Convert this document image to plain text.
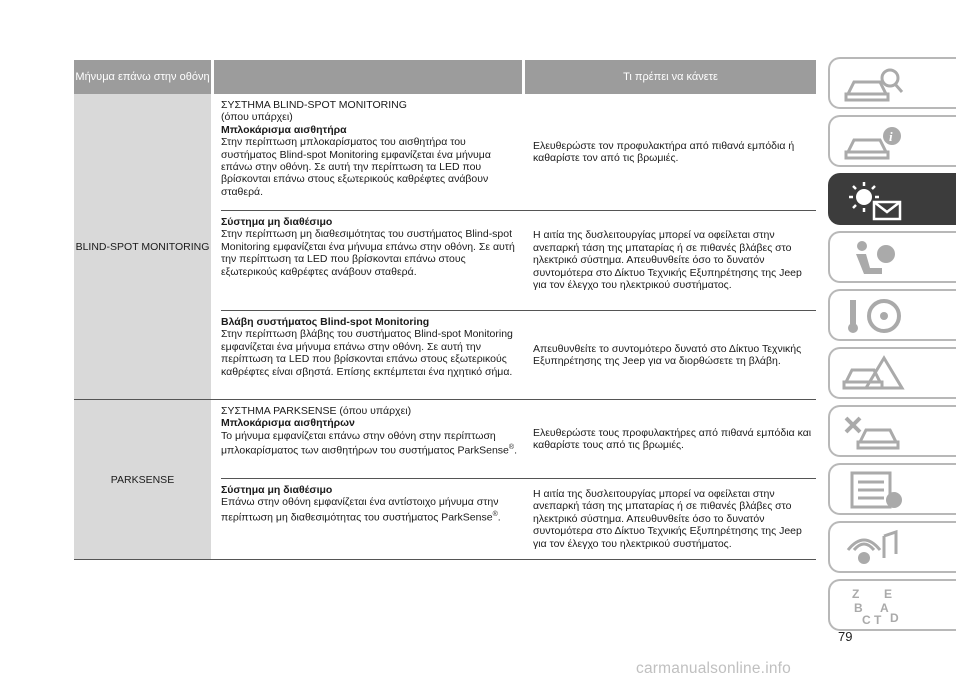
Μήνυμα επάνω στην οθόνη	Τι πρέπει να κάνετε
BLIND-SPOT MONITORING
ΣΥΣΤΗΜΑ BLIND-SPOT MONITORING
(όπου υπάρχει)
Μπλοκάρισμα αισθητήρα
Στην περίπτωση μπλοκαρίσματος του αισθητήρα του συστήματος Blind-spot Monitoring εμφανίζεται ένα μήνυμα επάνω στην οθόνη. Σε αυτή την περίπτωση τα LED που βρίσκονται επάνω στους εξωτερικούς καθρέφτες ανάβουν σταθερά.
Ελευθερώστε τον προφυλακτήρα από πιθανά εμπόδια ή καθαρίστε τον από τις βρωμιές.
Σύστημα μη διαθέσιμο
Στην περίπτωση μη διαθεσιμότητας του συστήματος Blind-spot Monitoring εμφανίζεται ένα μήνυμα επάνω στην οθόνη. Σε αυτή την περίπτωση τα LED που βρίσκονται επάνω στους εξωτερικούς καθρέφτες ανάβουν σταθερά.
Η αιτία της δυσλειτουργίας μπορεί να οφείλεται στην ανεπαρκή τάση της μπαταρίας ή σε πιθανές βλάβες στο ηλεκτρικό σύστημα. Απευθυνθείτε όσο το δυνατόν συντομότερα στο Δίκτυο Τεχνικής Εξυπηρέτησης της Jeep για τον έλεγχο του ηλεκτρικού συστήματος.
Βλάβη συστήματος Blind-spot Monitoring
Στην περίπτωση βλάβης του συστήματος Blind-spot Monitoring εμφανίζεται ένα μήνυμα επάνω στην οθόνη. Σε αυτή την περίπτωση τα LED που βρίσκονται επάνω στους εξωτερικούς καθρέφτες είναι σβηστά. Επίσης εκπέμπεται ένα ηχητικό σήμα.
Απευθυνθείτε το συντομότερο δυνατό στο Δίκτυο Τεχνικής Εξυπηρέτησης της Jeep για να διορθώσετε τη βλάβη.
PARKSENSE
ΣΥΣΤΗΜΑ PARKSENSE (όπου υπάρχει)
Μπλοκάρισμα αισθητήρων
Το μήνυμα εμφανίζεται επάνω στην οθόνη στην περίπτωση μπλοκαρίσματος των αισθητήρων του συστήματος ParkSense®.
Ελευθερώστε τους προφυλακτήρες από πιθανά εμπόδια και καθαρίστε τους από τις βρωμιές.
Σύστημα μη διαθέσιμο
Επάνω στην οθόνη εμφανίζεται ένα αντίστοιχο μήνυμα στην περίπτωση μη διαθεσιμότητας του συστήματος ParkSense®.
Η αιτία της δυσλειτουργίας μπορεί να οφείλεται στην ανεπαρκή τάση της μπαταρίας ή σε πιθανές βλάβες στο ηλεκτρικό σύστημα. Απευθυνθείτε όσο το δυνατόν συντομότερα στο Δίκτυο Τεχνικής Εξυπηρέτησης της Jeep για τον έλεγχο του ηλεκτρικού συστήματος.
i
Z E
B A
C T D
79
carmanualsonline.info
